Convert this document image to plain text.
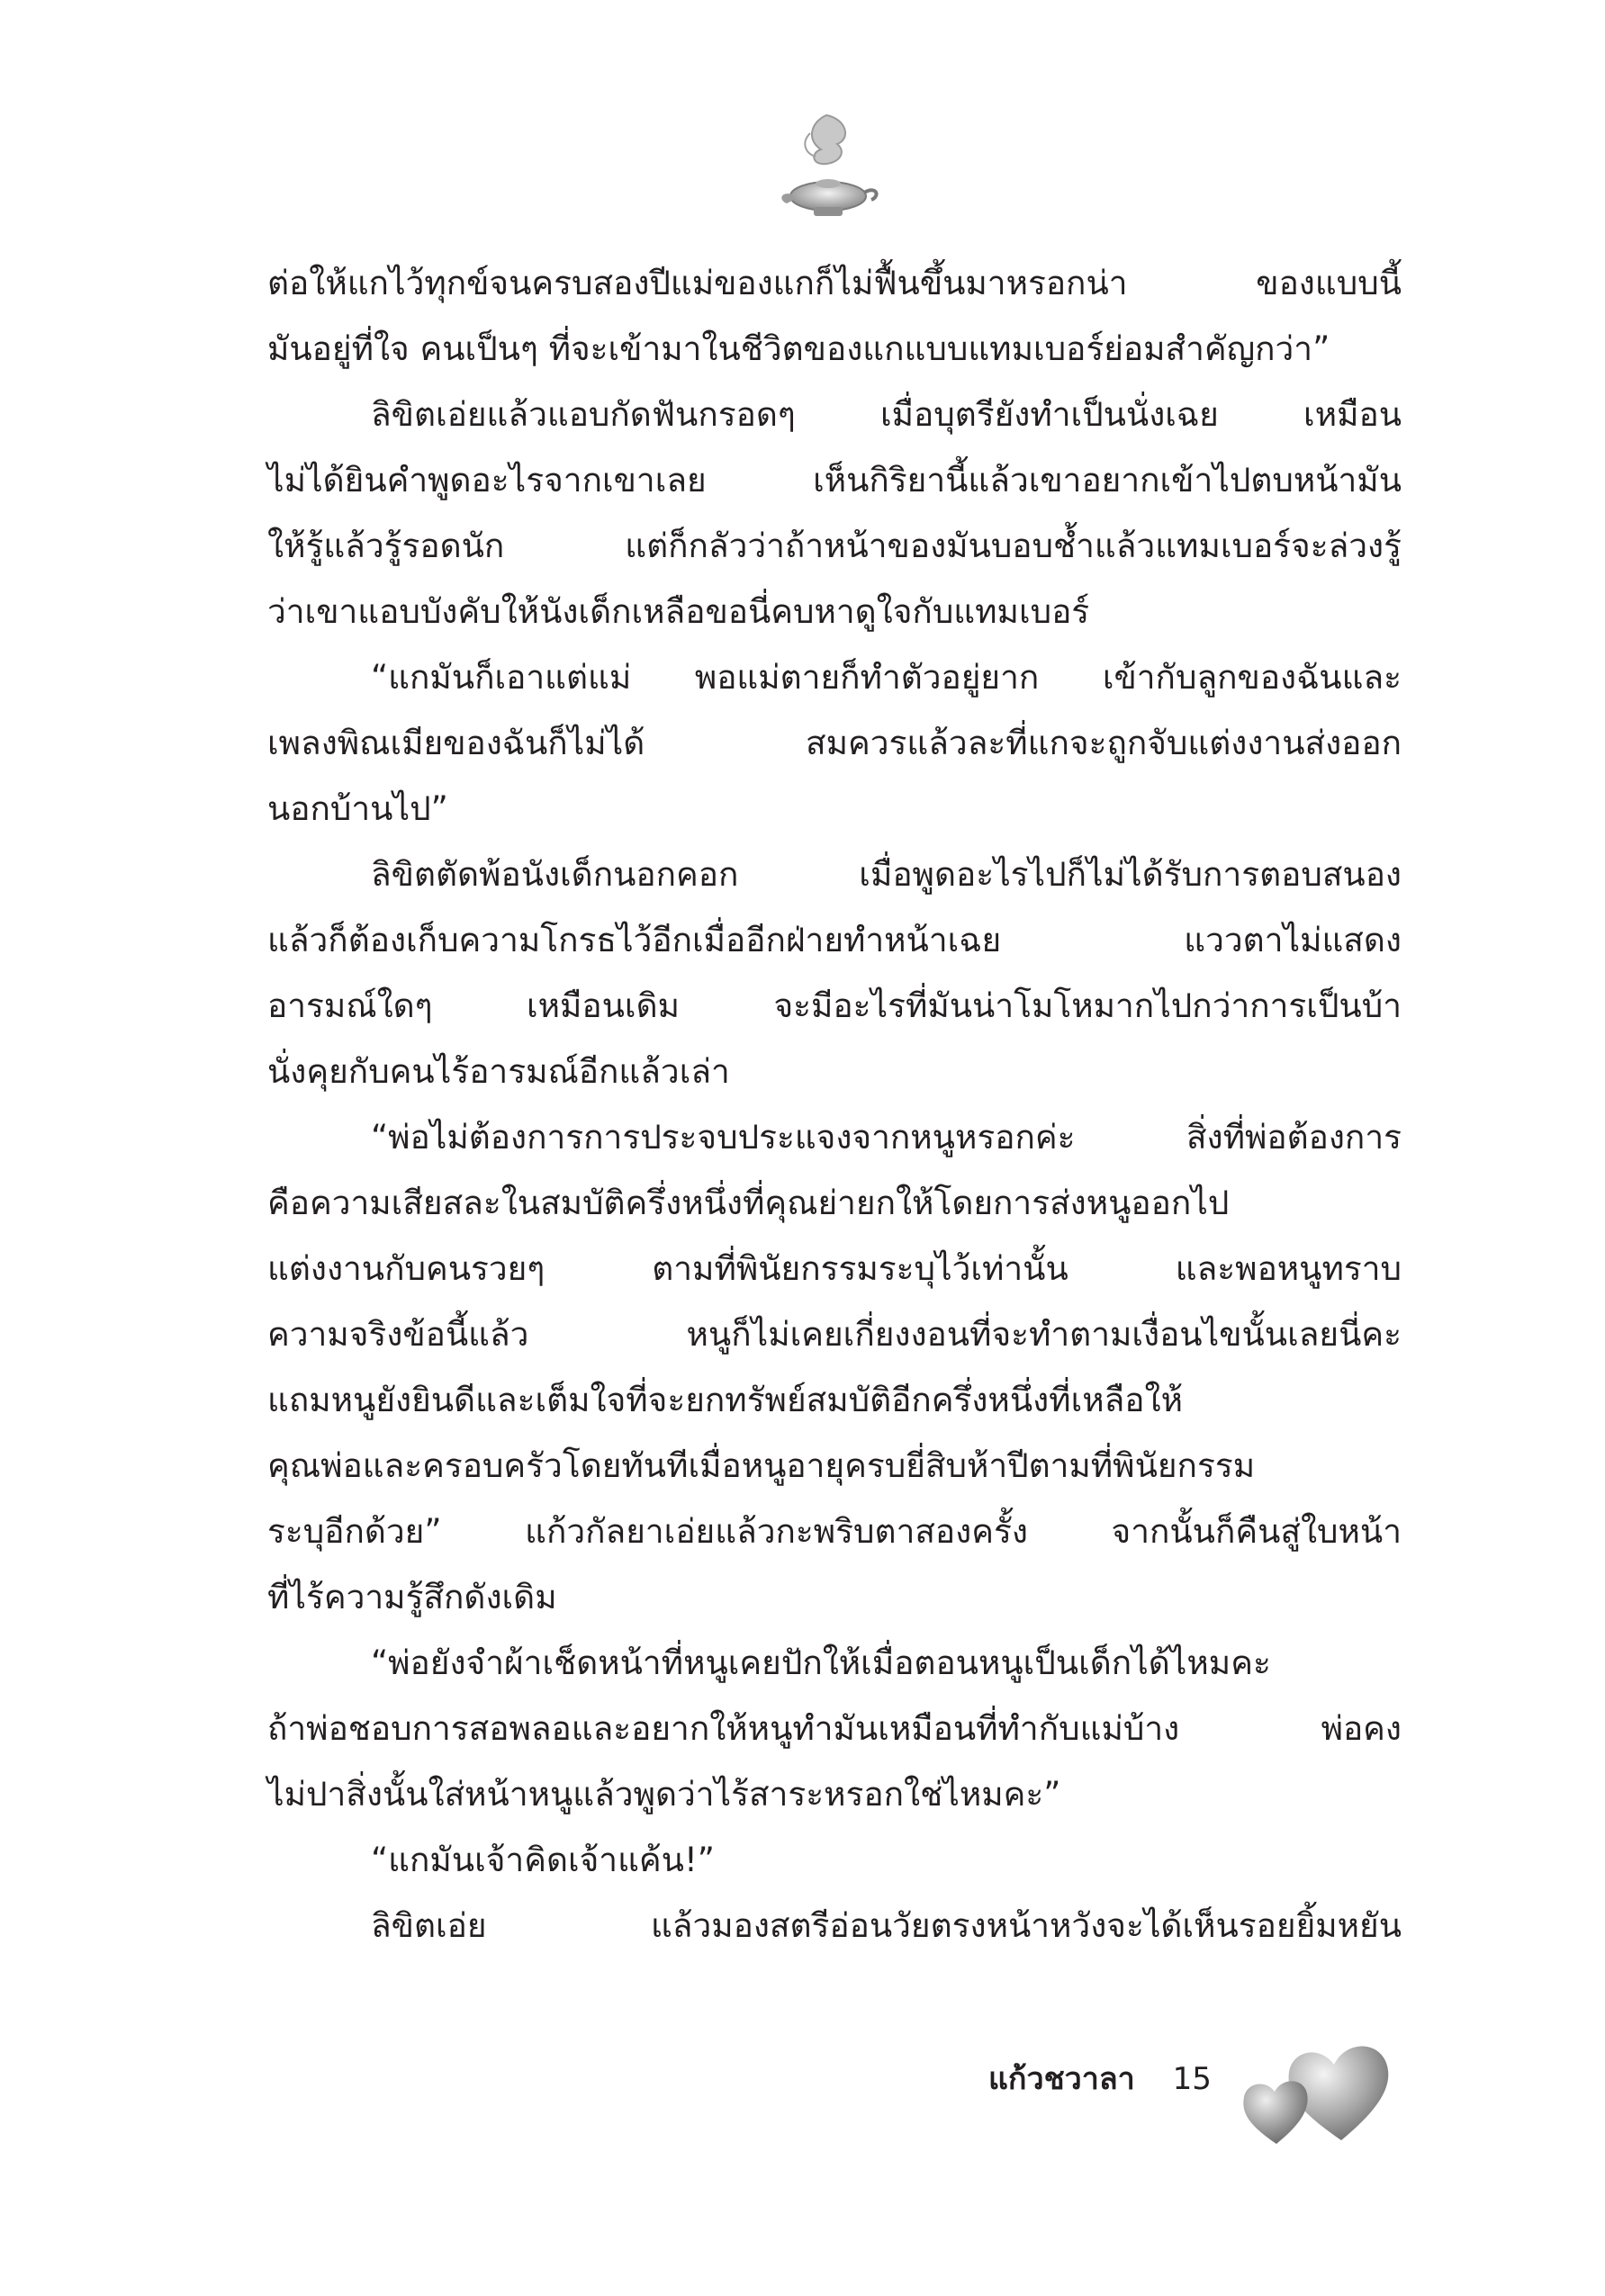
ต่อให้แกไว้ทุกข์จนครบสองปีแม่ของแกก็ไม่ฟื้นขึ้นมาหรอกน่า ของแบบนี้
มันอยู่ที่ใจ คนเป็นๆ ที่จะเข้ามาในชีวิตของแกแบบแทมเบอร์ย่อมสำคัญกว่า”
ลิขิตเอ่ยแล้วแอบกัดฟันกรอดๆ เมื่อบุตรียังทำเป็นนั่งเฉย เหมือน
ไม่ได้ยินคำพูดอะไรจากเขาเลย เห็นกิริยานี้แล้วเขาอยากเข้าไปตบหน้ามัน
ให้รู้แล้วรู้รอดนัก แต่ก็กลัวว่าถ้าหน้าของมันบอบช้ำแล้วแทมเบอร์จะล่วงรู้
ว่าเขาแอบบังคับให้นังเด็กเหลือขอนี่คบหาดูใจกับแทมเบอร์
“แกมันก็เอาแต่แม่ พอแม่ตายก็ทำตัวอยู่ยาก เข้ากับลูกของฉันและ
เพลงพิณเมียของฉันก็ไม่ได้ สมควรแล้วละที่แกจะถูกจับแต่งงานส่งออก
นอกบ้านไป”
ลิขิตตัดพ้อนังเด็กนอกคอก เมื่อพูดอะไรไปก็ไม่ได้รับการตอบสนอง
แล้วก็ต้องเก็บความโกรธไว้อีกเมื่ออีกฝ่ายทำหน้าเฉย แววตาไม่แสดง
อารมณ์ใดๆ เหมือนเดิม จะมีอะไรที่มันน่าโมโหมากไปกว่าการเป็นบ้า
นั่งคุยกับคนไร้อารมณ์อีกแล้วเล่า
“พ่อไม่ต้องการการประจบประแจงจากหนูหรอกค่ะ สิ่งที่พ่อต้องการ
คือความเสียสละในสมบัติครึ่งหนึ่งที่คุณย่ายกให้โดยการส่งหนูออกไป
แต่งงานกับคนรวยๆ ตามที่พินัยกรรมระบุไว้เท่านั้น และพอหนูทราบ
ความจริงข้อนี้แล้ว หนูก็ไม่เคยเกี่ยงงอนที่จะทำตามเงื่อนไขนั้นเลยนี่คะ
แถมหนูยังยินดีและเต็มใจที่จะยกทรัพย์สมบัติอีกครึ่งหนึ่งที่เหลือให้
คุณพ่อและครอบครัวโดยทันทีเมื่อหนูอายุครบยี่สิบห้าปีตามที่พินัยกรรม
ระบุอีกด้วย” แก้วกัลยาเอ่ยแล้วกะพริบตาสองครั้ง จากนั้นก็คืนสู่ใบหน้า
ที่ไร้ความรู้สึกดังเดิม
“พ่อยังจำผ้าเช็ดหน้าที่หนูเคยปักให้เมื่อตอนหนูเป็นเด็กได้ไหมคะ
ถ้าพ่อชอบการสอพลอและอยากให้หนูทำมันเหมือนที่ทำกับแม่บ้าง พ่อคง
ไม่ปาสิ่งนั้นใส่หน้าหนูแล้วพูดว่าไร้สาระหรอกใช่ไหมคะ”
“แกมันเจ้าคิดเจ้าแค้น!”
ลิขิตเอ่ย แล้วมองสตรีอ่อนวัยตรงหน้าหวังจะได้เห็นรอยยิ้มหยัน
แก้วชวาลา 15
